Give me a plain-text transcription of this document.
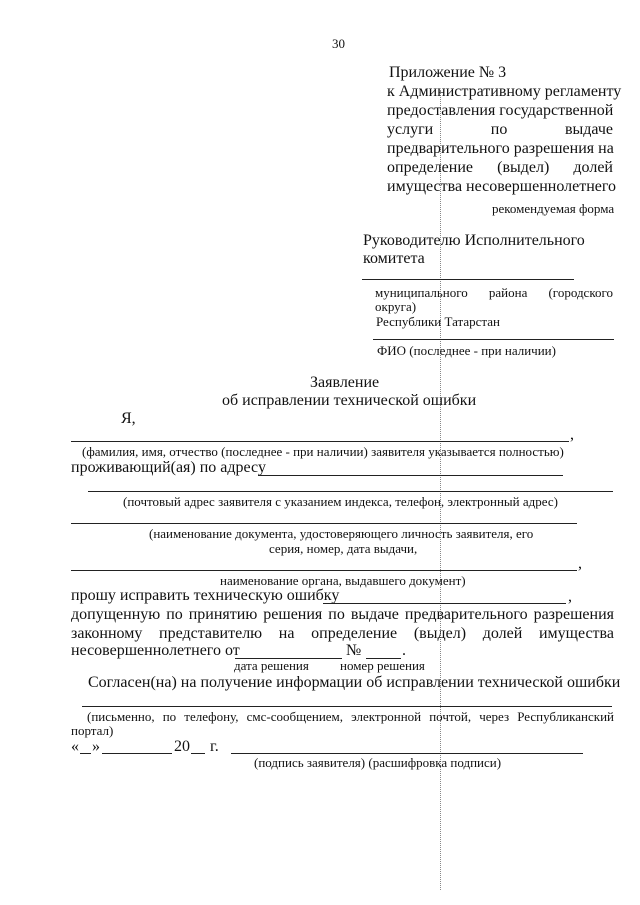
30
Приложение № 3
к Административному регламенту
предоставления государственной
услуги по выдаче
предварительного разрешения на
определение (выдел) долей
имущества несовершеннолетнего
рекомендуемая форма
Руководителю Исполнительного
комитета
муниципального района (городского
округа)
Республики Татарстан
ФИО (последнее - при наличии)
Заявление
об исправлении технической ошибки
Я,
,
(фамилия, имя, отчество (последнее - при наличии) заявителя указывается полностью)
проживающий(ая) по адресу
(почтовый адрес заявителя с указанием индекса, телефон, электронный адрес)
(наименование документа, удостоверяющего личность заявителя, его
серия, номер, дата выдачи,
,
наименование органа, выдавшего документ)
прошу исправить техническую ошибку	,
допущенную по принятию решения по выдаче предварительного разрешения
законному представителю на определение (выдел) долей имущества
несовершеннолетнего от	№	.
дата решения номер решения
Согласен(на) на получение информации об исправлении технической ошибки
(письменно, по телефону, смс-сообщением, электронной почтой, через Республиканский
портал)
« »	20 г.
(подпись заявителя) (расшифровка подписи)
